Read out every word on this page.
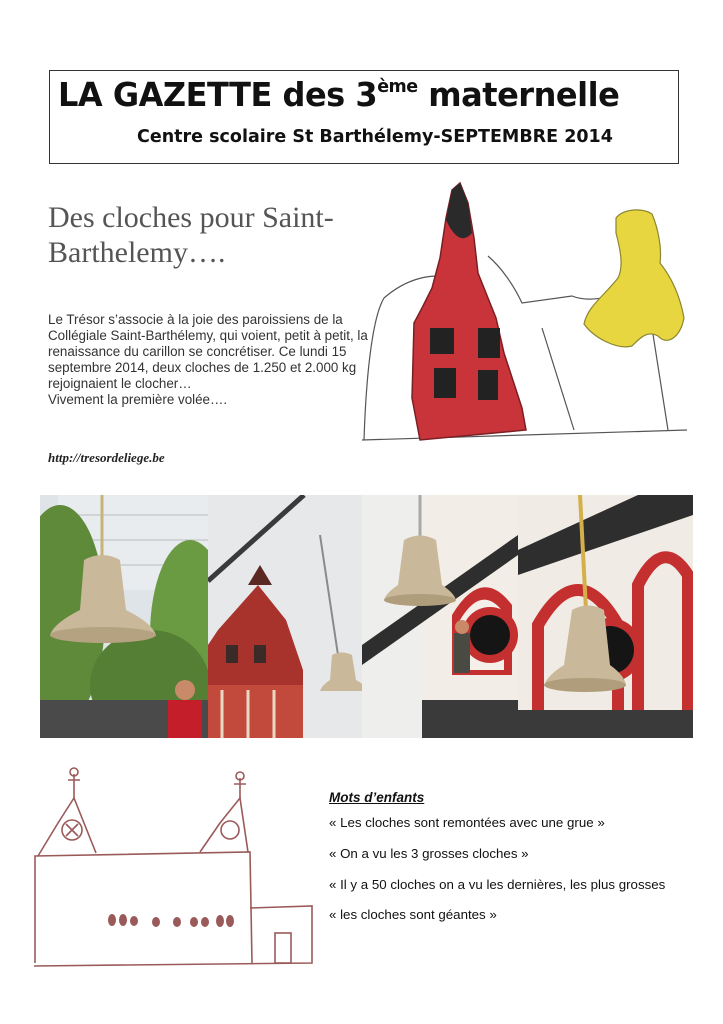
LA GAZETTE des 3ème maternelle
Centre scolaire St Barthélemy-SEPTEMBRE 2014
Des cloches pour Saint-Barthelemy….

Le Trésor s’associe à la joie des paroissiens de la Collégiale Saint-Barthélemy, qui voient, petit à petit, la renaissance du carillon se concrétiser. Ce lundi 15 septembre 2014, deux cloches de 1.250 et 2.000 kg rejoignaient le clocher…

Vivement la première volée….

http://tresordeliege.be
Mots d’enfants
« Les cloches sont remontées avec une grue »
« On a vu les 3 grosses cloches »
« Il y a 50 cloches on a vu les dernières, les plus grosses
« les cloches sont géantes »
